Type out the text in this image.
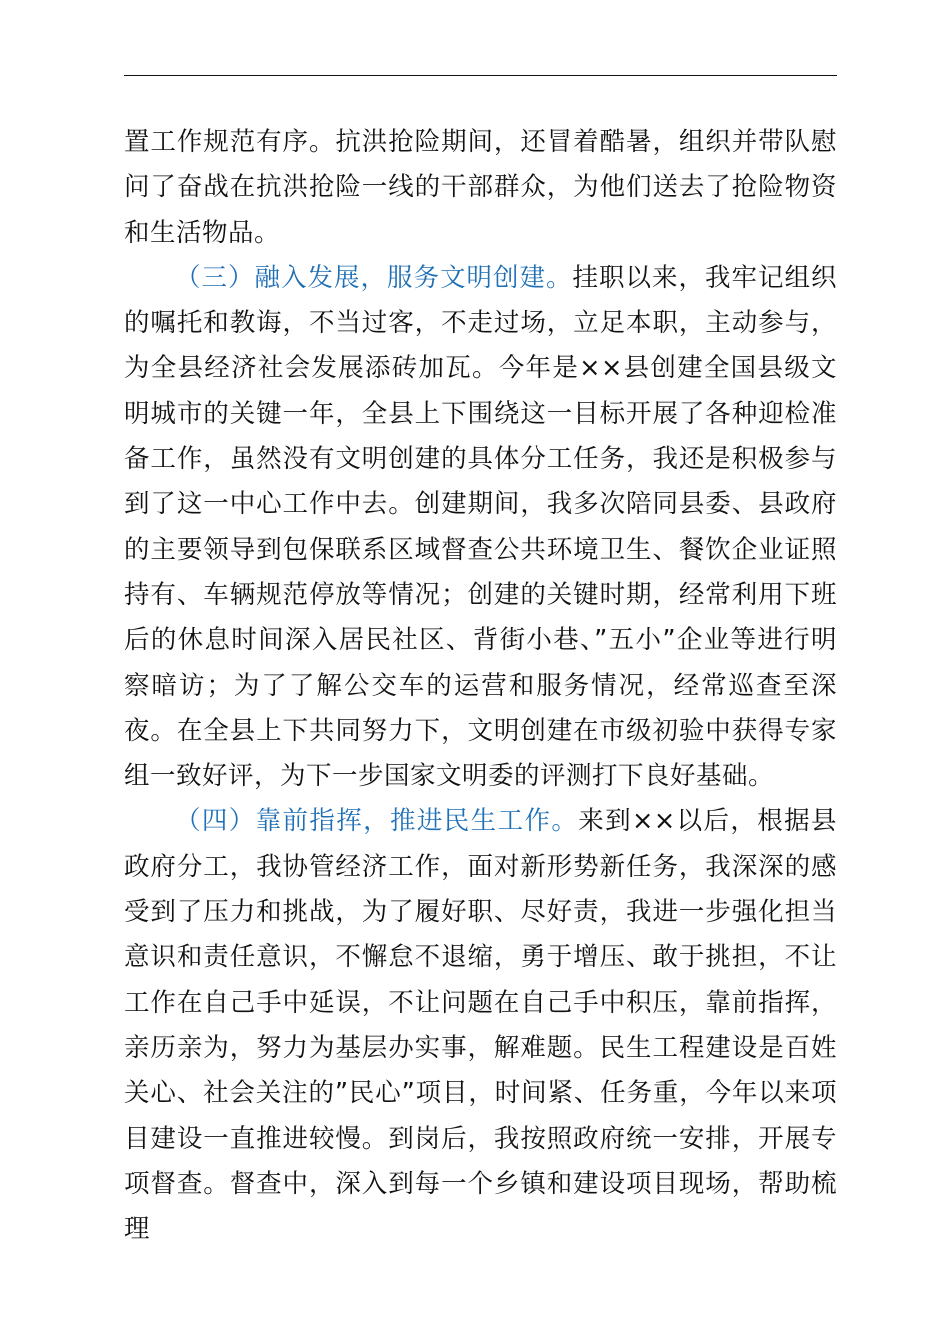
置工作规范有序。抗洪抢险期间，还冒着酷暑，组织并带队慰问了奋战在抗洪抢险一线的干部群众，为他们送去了抢险物资和生活物品。

（三）融入发展，服务文明创建。挂职以来，我牢记组织的嘱托和教诲，不当过客，不走过场，立足本职，主动参与，为全县经济社会发展添砖加瓦。今年是××县创建全国县级文明城市的关键一年，全县上下围绕这一目标开展了各种迎检准备工作，虽然没有文明创建的具体分工任务，我还是积极参与到了这一中心工作中去。创建期间，我多次陪同县委、县政府的主要领导到包保联系区域督查公共环境卫生、餐饮企业证照持有、车辆规范停放等情况；创建的关键时期，经常利用下班后的休息时间深入居民社区、背街小巷、”五小”企业等进行明察暗访；为了了解公交车的运营和服务情况，经常巡查至深夜。在全县上下共同努力下，文明创建在市级初验中获得专家组一致好评，为下一步国家文明委的评测打下良好基础。

（四）靠前指挥，推进民生工作。来到××以后，根据县政府分工，我协管经济工作，面对新形势新任务，我深深的感受到了压力和挑战，为了履好职、尽好责，我进一步强化担当意识和责任意识，不懈怠不退缩，勇于增压、敢于挑担，不让工作在自己手中延误，不让问题在自己手中积压，靠前指挥，亲历亲为，努力为基层办实事，解难题。民生工程建设是百姓关心、社会关注的”民心”项目，时间紧、任务重，今年以来项目建设一直推进较慢。到岗后，我按照政府统一安排，开展专项督查。督查中，深入到每一个乡镇和建设项目现场，帮助梳理
